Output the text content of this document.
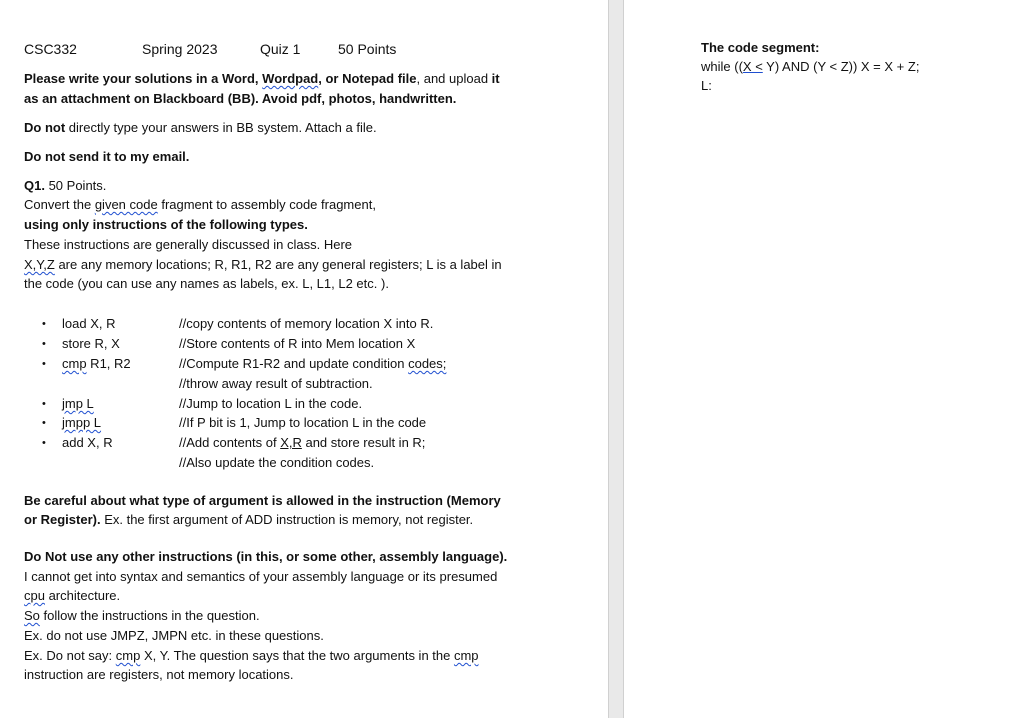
CSC332	Spring 2023	Quiz 1	50 Points
Please write your solutions in a Word, Wordpad, or Notepad file, and upload it
as an attachment on Blackboard (BB). Avoid pdf, photos, handwritten.
Do not directly type your answers in BB system. Attach a file.
Do not send it to my email.
Q1. 50 Points.
Convert the given code fragment to assembly code fragment,
using only instructions of the following types.
These instructions are generally discussed in class. Here
X,Y,Z are any memory locations; R, R1, R2 are any general registers; L is a label in
the code (you can use any names as labels, ex. L, L1, L2 etc. ).
• load X, R	//copy contents of memory location X into R.
• store R, X	//Store contents of R into Mem location X
• cmp R1, R2	//Compute R1-R2 and update condition codes;
//throw away result of subtraction.
• jmp L	//Jump to location L in the code.
• jmpp L	//If P bit is 1, Jump to location L in the code
• add X, R	//Add contents of X,R and store result in R;
//Also update the condition codes.
Be careful about what type of argument is allowed in the instruction (Memory
or Register). Ex. the first argument of ADD instruction is memory, not register.
Do Not use any other instructions (in this, or some other, assembly language).
I cannot get into syntax and semantics of your assembly language or its presumed
cpu architecture.
So follow the instructions in the question.
Ex. do not use JMPZ, JMPN etc. in these questions.
Ex. Do not say: cmp X, Y. The question says that the two arguments in the cmp
instruction are registers, not memory locations.
The code segment:
while ((X < Y) AND (Y < Z)) X = X + Z;
L:
